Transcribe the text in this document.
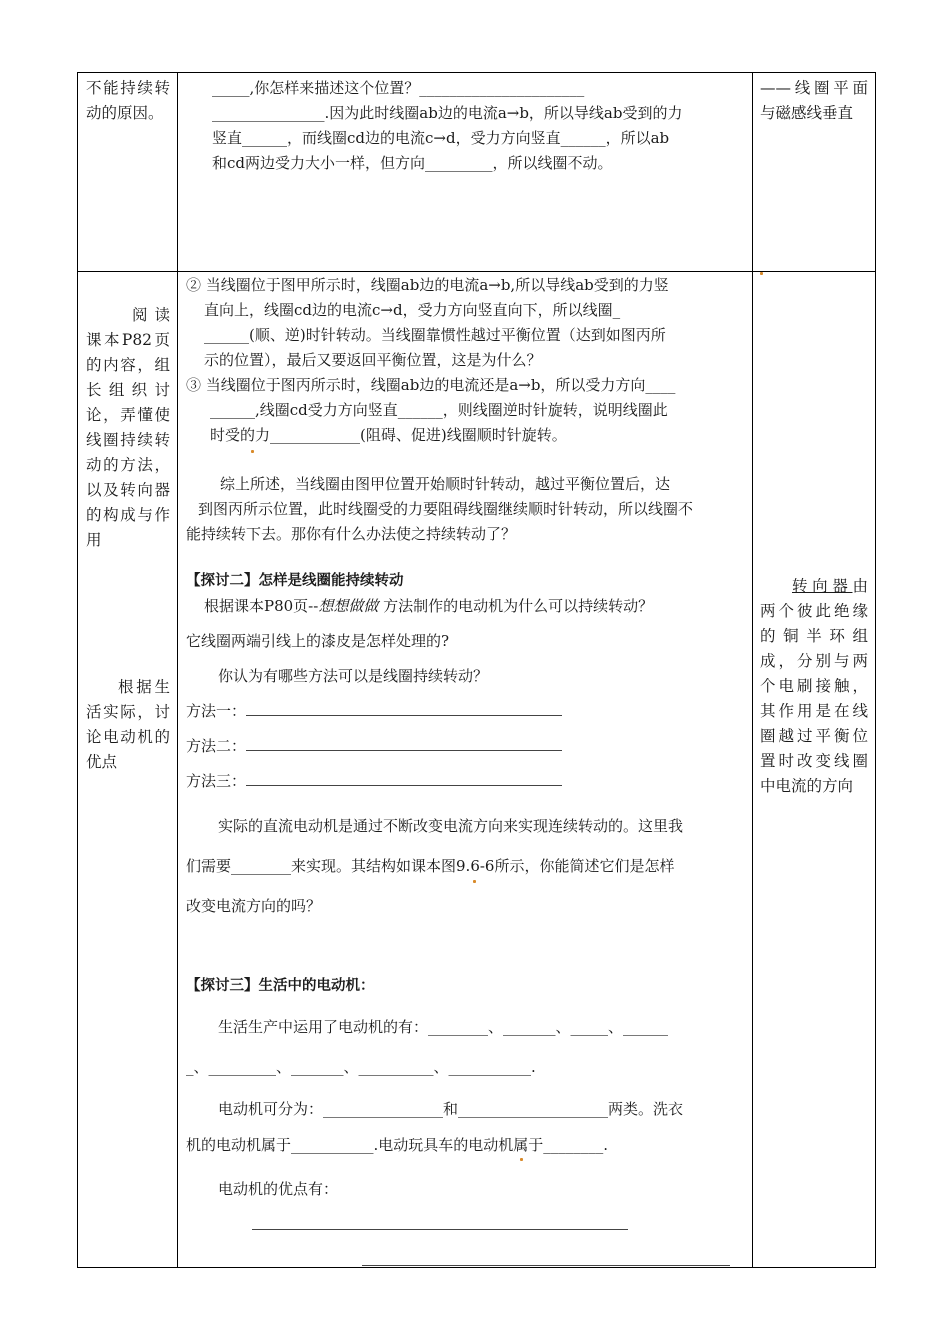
不能持续转动的原因。

_____,你怎样来描述这个位置？______________________

_______________.因为此时线圈ab边的电流a→b，所以导线ab受到的力

竖直______，而线圈cd边的电流c→d，受力方向竖直______，所以ab

和cd两边受力大小一样，但方向_________，所以线圈不动。

——线圈平面与磁感线垂直

阅读课本P82页的内容，组长组织讨论，弄懂使线圈持续转动的方法，以及转向器的构成与作用

根据生活实际，讨论电动机的优点

② 当线圈位于图甲所示时，线圈ab边的电流a→b,所以导线ab受到的力竖

直向上，线圈cd边的电流c→d，受力方向竖直向下，所以线圈_

______(顺、逆)时针转动。当线圈靠惯性越过平衡位置（达到如图丙所

示的位置），最后又要返回平衡位置，这是为什么？

③ 当线圈位于图丙所示时，线圈ab边的电流还是a→b，所以受力方向____

______,线圈cd受力方向竖直______，则线圈逆时针旋转，说明线圈此

时受的力____________(阻碍、促进)线圈顺时针旋转。

综上所述，当线圈由图甲位置开始顺时针转动，越过平衡位置后，达

到图丙所示位置，此时线圈受的力要阻碍线圈继续顺时针转动，所以线圈不

能持续转下去。那你有什么办法使之持续转动了？

【探讨二】怎样是线圈能持续转动

根据课本P80页--想想做做 方法制作的电动机为什么可以持续转动？

它线圈两端引线上的漆皮是怎样处理的?

你认为有哪些方法可以是线圈持续转动？

方法一：

方法二：

方法三：

实际的直流电动机是通过不断改变电流方向来实现连续转动的。这里我

们需要________来实现。其结构如课本图9.6-6所示，你能简述它们是怎样

改变电流方向的吗？

【探讨三】生活中的电动机：

生活生产中运用了电动机的有：________、_______、_____、______

_、_________、_______、__________、___________.

电动机可分为：________________和____________________两类。洗衣

机的电动机属于___________.电动玩具车的电动机属于________.

电动机的优点有：

转向器由两个彼此绝缘的铜半环组成，分别与两个电刷接触，其作用是在线圈越过平衡位置时改变线圈中电流的方向
